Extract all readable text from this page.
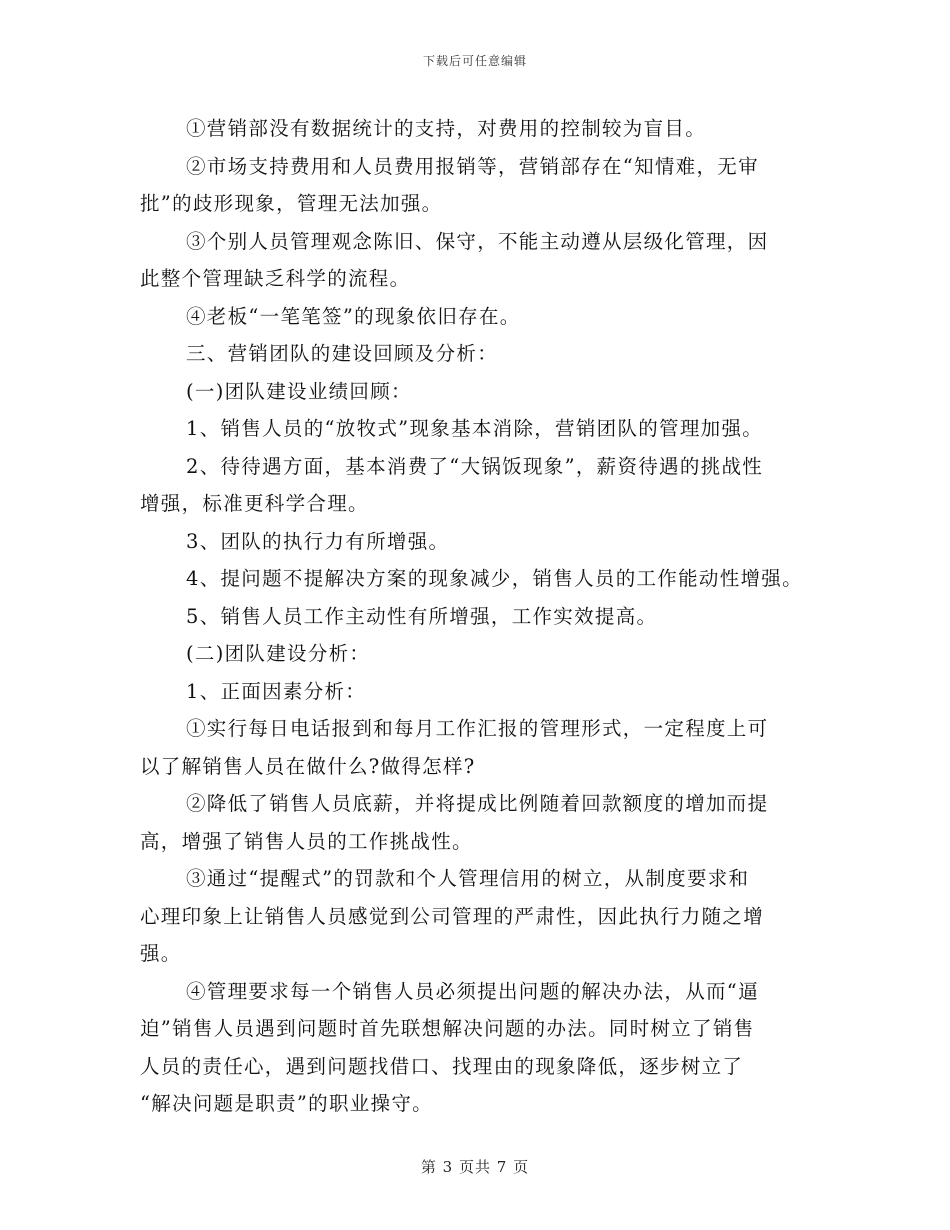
下载后可任意编辑
①营销部没有数据统计的支持，对费用的控制较为盲目。
②市场支持费用和人员费用报销等，营销部存在“知情难，无审
批”的歧形现象，管理无法加强。
③个别人员管理观念陈旧、保守，不能主动遵从层级化管理，因
此整个管理缺乏科学的流程。
④老板“一笔笔签”的现象依旧存在。
三、营销团队的建设回顾及分析：
(一)团队建设业绩回顾：
1、销售人员的“放牧式”现象基本消除，营销团队的管理加强。
2、待待遇方面，基本消费了“大锅饭现象”，薪资待遇的挑战性
增强，标准更科学合理。
3、团队的执行力有所增强。
4、提问题不提解决方案的现象减少，销售人员的工作能动性增强。
5、销售人员工作主动性有所增强，工作实效提高。
(二)团队建设分析：
1、正面因素分析：
①实行每日电话报到和每月工作汇报的管理形式，一定程度上可
以了解销售人员在做什么?做得怎样?
②降低了销售人员底薪，并将提成比例随着回款额度的增加而提
高，增强了销售人员的工作挑战性。
③通过“提醒式”的罚款和个人管理信用的树立，从制度要求和
心理印象上让销售人员感觉到公司管理的严肃性，因此执行力随之增
强。
④管理要求每一个销售人员必须提出问题的解决办法，从而“逼
迫”销售人员遇到问题时首先联想解决问题的办法。同时树立了销售
人员的责任心，遇到问题找借口、找理由的现象降低，逐步树立了
“解决问题是职责”的职业操守。
第 3 页共 7 页
